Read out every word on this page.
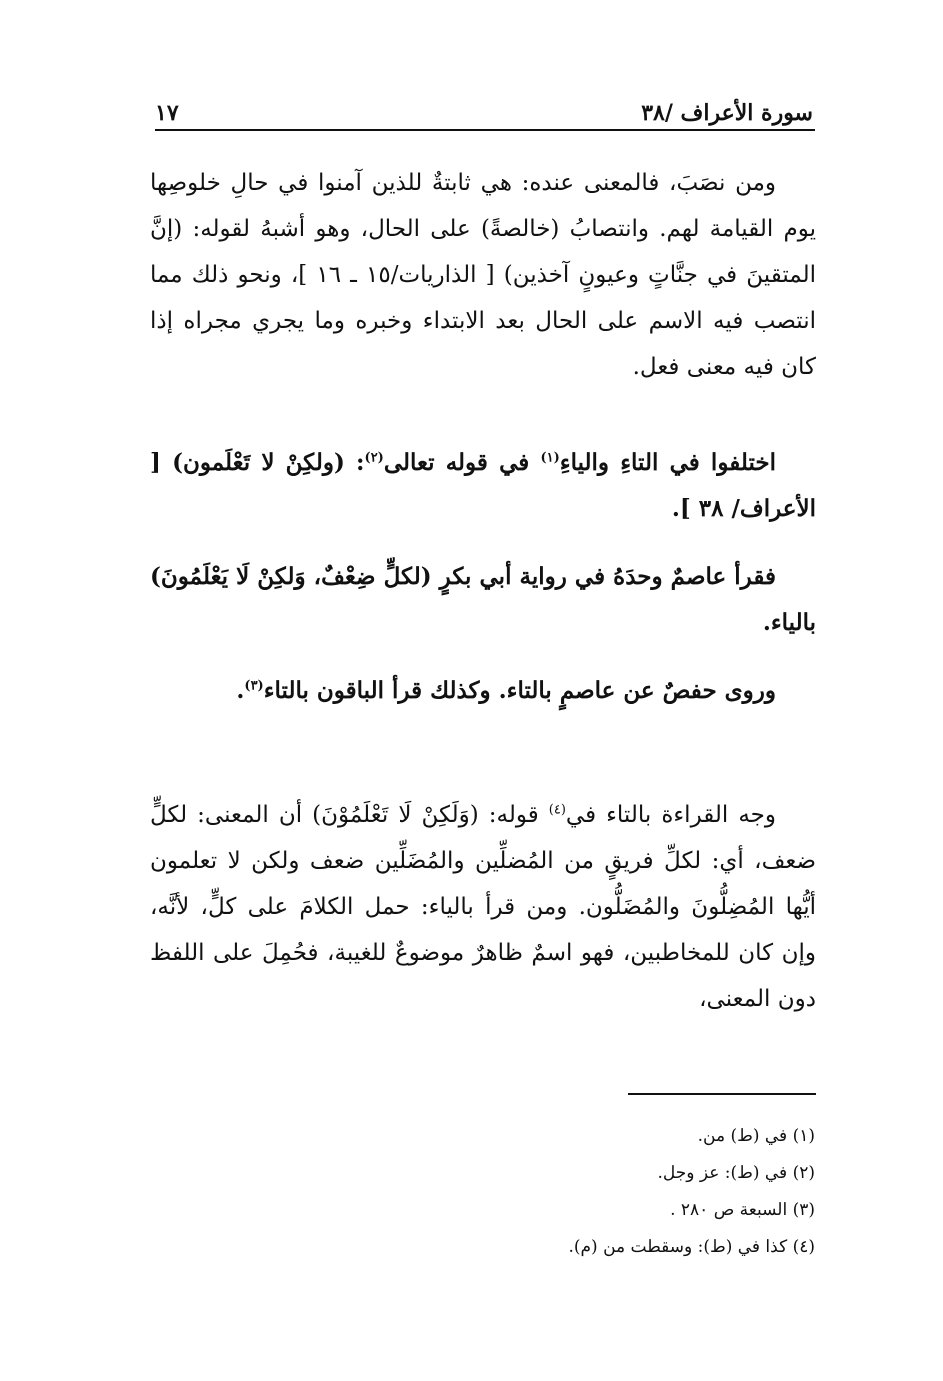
سورة الأعراف /٣٨
١٧

ومن نصَبَ، فالمعنى عنده: هي ثابتةٌ للذين آمنوا في حالِ خلوصِها يوم القيامة لهم. وانتصابُ (خالصةً) على الحال، وهو أشبهُ لقوله: (إنَّ المتقينَ في جنَّاتٍ وعيونٍ آخذين) [ الذاريات/١٥ ـ ١٦ ]، ونحو ذلك مما انتصب فيه الاسم على الحال بعد الابتداء وخبره وما يجري مجراه إذا كان فيه معنى فعل.

اختلفوا في التاءِ والياءِ$^{(١)}$ في قوله تعالى$^{(٢)}$: (ولكِنْ لا تَعْلَمون) [ الأعراف/ ٣٨ ].

فقرأ عاصمٌ وحدَهُ في رواية أبي بكرٍ (لكلٍّ ضِعْفٌ، وَلكِنْ لَا يَعْلَمُونَ) بالياء.

وروى حفصٌ عن عاصمٍ بالتاء. وكذلك قرأ الباقون بالتاء$^{(٣)}$.

وجه القراءة بالتاء في$^{(٤)}$ قوله: (وَلَكِنْ لَا تَعْلَمُوْنَ) أن المعنى: لكلٍّ ضعف، أي: لكلِّ فريقٍ من المُضلِّين والمُضَلِّين ضعف ولكن لا تعلمون أيُّها المُضِلُّونَ والمُضَلُّون. ومن قرأ بالياء: حمل الكلامَ على كلٍّ، لأنَّه، وإن كان للمخاطبين، فهو اسمٌ ظاهرٌ موضوعٌ للغيبة، فحُمِلَ على اللفظ دون المعنى،

(١) في (ط) من.

(٢) في (ط): عز وجل.

(٣) السبعة ص ٢٨٠ .

(٤) كذا في (ط): وسقطت من (م).
